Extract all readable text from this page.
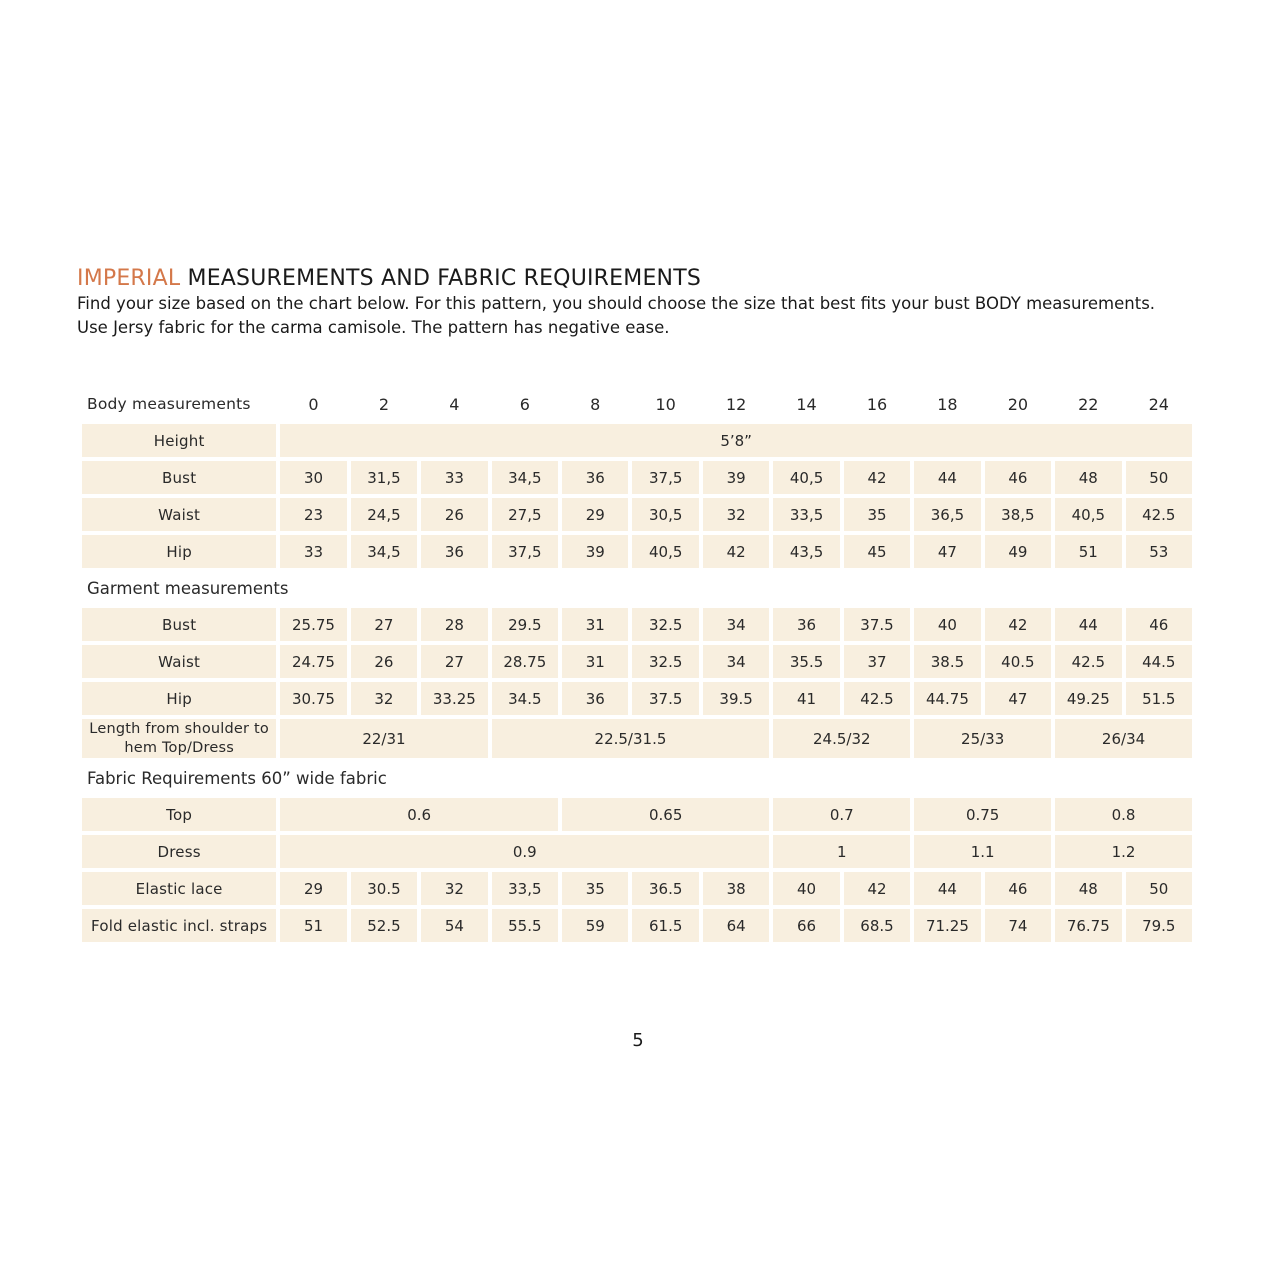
IMPERIAL MEASUREMENTS AND FABRIC REQUIREMENTS

Find your size based on the chart below. For this pattern, you should choose the size that best fits your bust BODY measurements.

Use Jersy fabric for the carma camisole. The pattern has negative ease.

Body measurements	0	2	4	6	8	10	12	14	16	18	20	22	24
Height	5’8”												
Bust	30	31,5	33	34,5	36	37,5	39	40,5	42	44	46	48	50
Waist	23	24,5	26	27,5	29	30,5	32	33,5	35	36,5	38,5	40,5	42.5
Hip	33	34,5	36	37,5	39	40,5	42	43,5	45	47	49	51	53
Garment measurements													
Bust	25.75	27	28	29.5	31	32.5	34	36	37.5	40	42	44	46
Waist	24.75	26	27	28.75	31	32.5	34	35.5	37	38.5	40.5	42.5	44.5
Hip	30.75	32	33.25	34.5	36	37.5	39.5	41	42.5	44.75	47	49.25	51.5
Length from shoulder to
hem Top/Dress	22/31			22.5/31.5				24.5/32		25/33		26/34	
Fabric Requirements 60” wide fabric													
Top	0.6				0.65			0.7		0.75		0.8	
Dress	0.9							1		1.1		1.2	
Elastic lace	29	30.5	32	33,5	35	36.5	38	40	42	44	46	48	50
Fold elastic incl. straps	51	52.5	54	55.5	59	61.5	64	66	68.5	71.25	74	76.75	79.5
5
